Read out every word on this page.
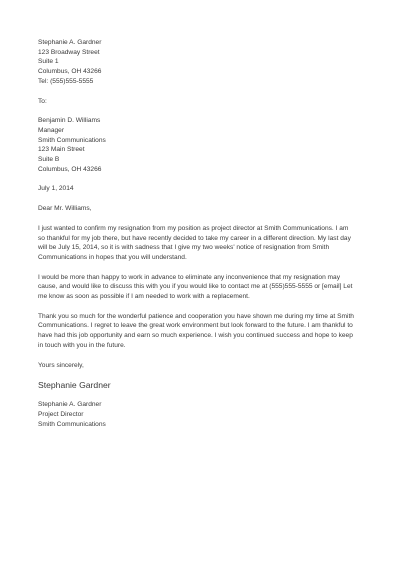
Stephanie A. Gardner
123 Broadway Street
Suite 1
Columbus, OH 43266
Tel: (555)555-5555
To:
Benjamin D. Williams
Manager
Smith Communications
123 Main Street
Suite B
Columbus, OH 43266
July 1, 2014
Dear Mr. Williams,
I just wanted to confirm my resignation from my position as project director at Smith Communications. I am
so thankful for my job there, but have recently decided to take my career in a different direction. My last day
will be July 15, 2014, so it is with sadness that I give my two weeks' notice of resignation from Smith
Communications in hopes that you will understand.
I would be more than happy to work in advance to eliminate any inconvenience that my resignation may
cause, and would like to discuss this with you if you would like to contact me at (555)555-5555 or [email] Let
me know as soon as possible if I am needed to work with a replacement.
Thank you so much for the wonderful patience and cooperation you have shown me during my time at Smith
Communications. I regret to leave the great work environment but look forward to the future. I am thankful to
have had this job opportunity and earn so much experience. I wish you continued success and hope to keep
in touch with you in the future.
Yours sincerely,
Stephanie Gardner
Stephanie A. Gardner
Project Director
Smith Communications
